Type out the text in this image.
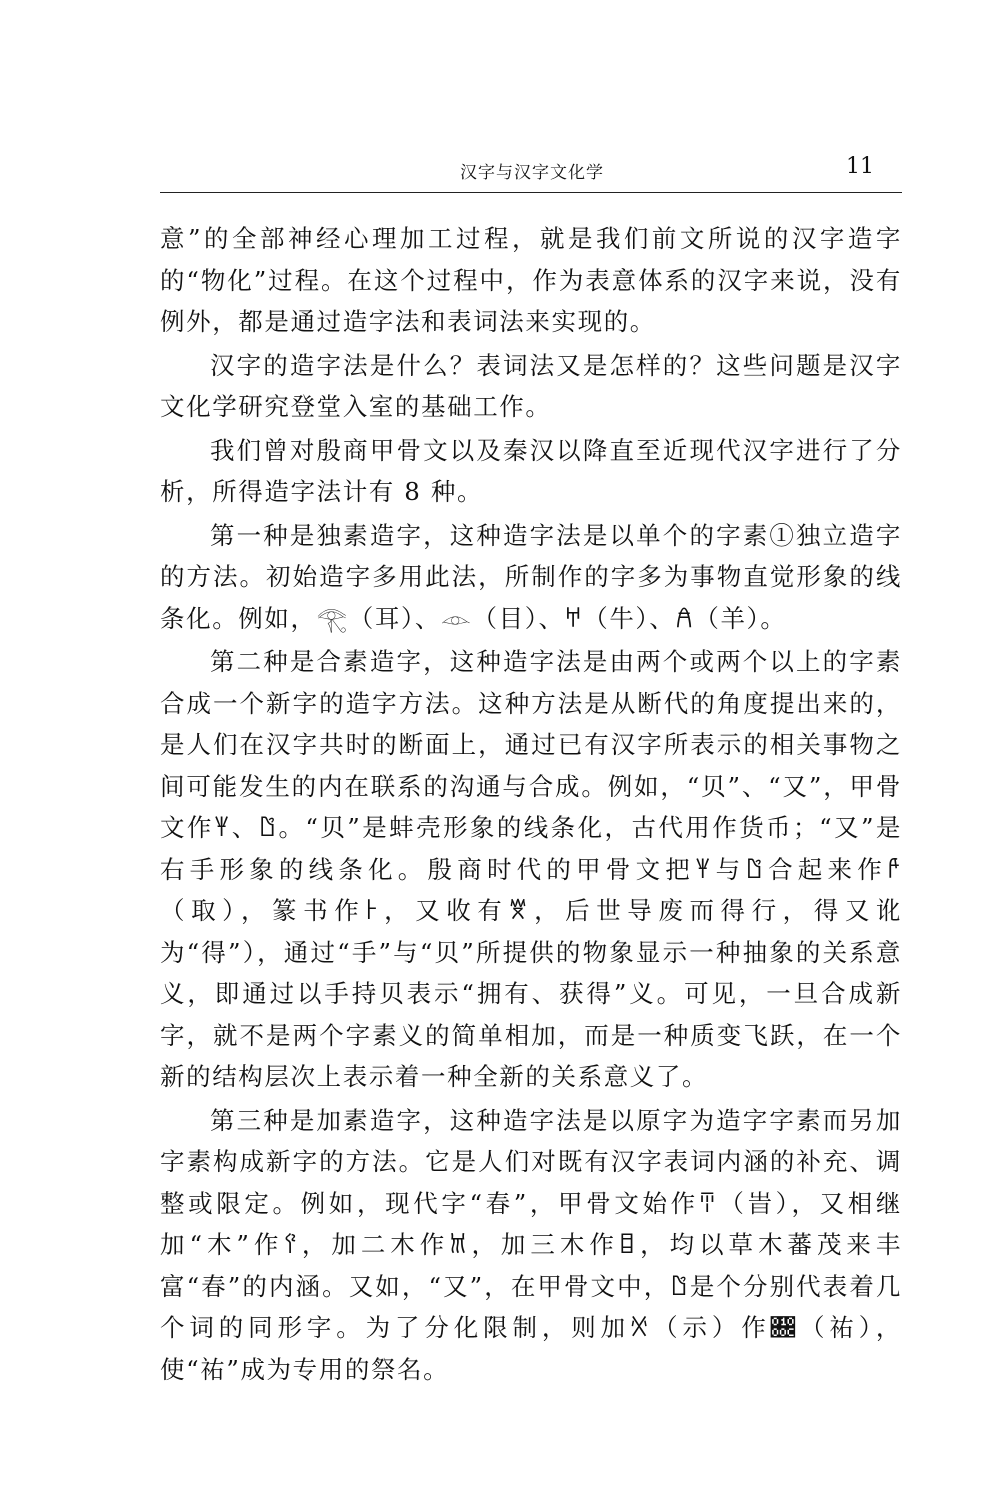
汉字与汉字文化学	11

意”的全部神经心理加工过程，就是我们前文所说的汉字造字的“物化”过程。在这个过程中，作为表意体系的汉字来说，没有例外，都是通过造字法和表词法来实现的。

汉字的造字法是什么？表词法又是怎样的？这些问题是汉字文化学研究登堂入室的基础工作。

我们曾对殷商甲骨文以及秦汉以降直至近现代汉字进行了分析，所得造字法计有 8 种。

第一种是独素造字，这种造字法是以单个的字素①独立造字的方法。初始造字多用此法，所制作的字多为事物直觉形象的线条化。例如，𓂀（耳）、𓁹（目）、𐀀（牛）、𐀁（羊）。

第二种是合素造字，这种造字法是由两个或两个以上的字素合成一个新字的造字方法。这种方法是从断代的角度提出来的，是人们在汉字共时的断面上，通过已有汉字所表示的相关事物之间可能发生的内在联系的沟通与合成。例如，“贝”、“又”，甲骨文作𐀂、𐀃。“贝”是蚌壳形象的线条化，古代用作货币；“又”是右手形象的线条化。殷商时代的甲骨文把𐀂与𐀃合起来作𐀄（取），篆书作𐀅，又收有𐀆，后世导废而得行，得又讹为“得”），通过“手”与“贝”所提供的物象显示一种抽象的关系意义，即通过以手持贝表示“拥有、获得”义。可见，一旦合成新字，就不是两个字素义的简单相加，而是一种质变飞跃，在一个新的结构层次上表示着一种全新的关系意义了。

第三种是加素造字，这种造字法是以原字为造字字素而另加字素构成新字的方法。它是人们对既有汉字表词内涵的补充、调整或限定。例如，现代字“春”，甲骨文始作𐀇（旹），又相继加“木”作𐀈，加二木作𐀉，加三木作𐀊，均以草木蕃茂来丰富“春”的内涵。又如，“又”，在甲骨文中，𐀃是个分别代表着几个词的同形字。为了分化限制，则加𐀋（示）作𐀌（祐），使“祐”成为专用的祭名。
